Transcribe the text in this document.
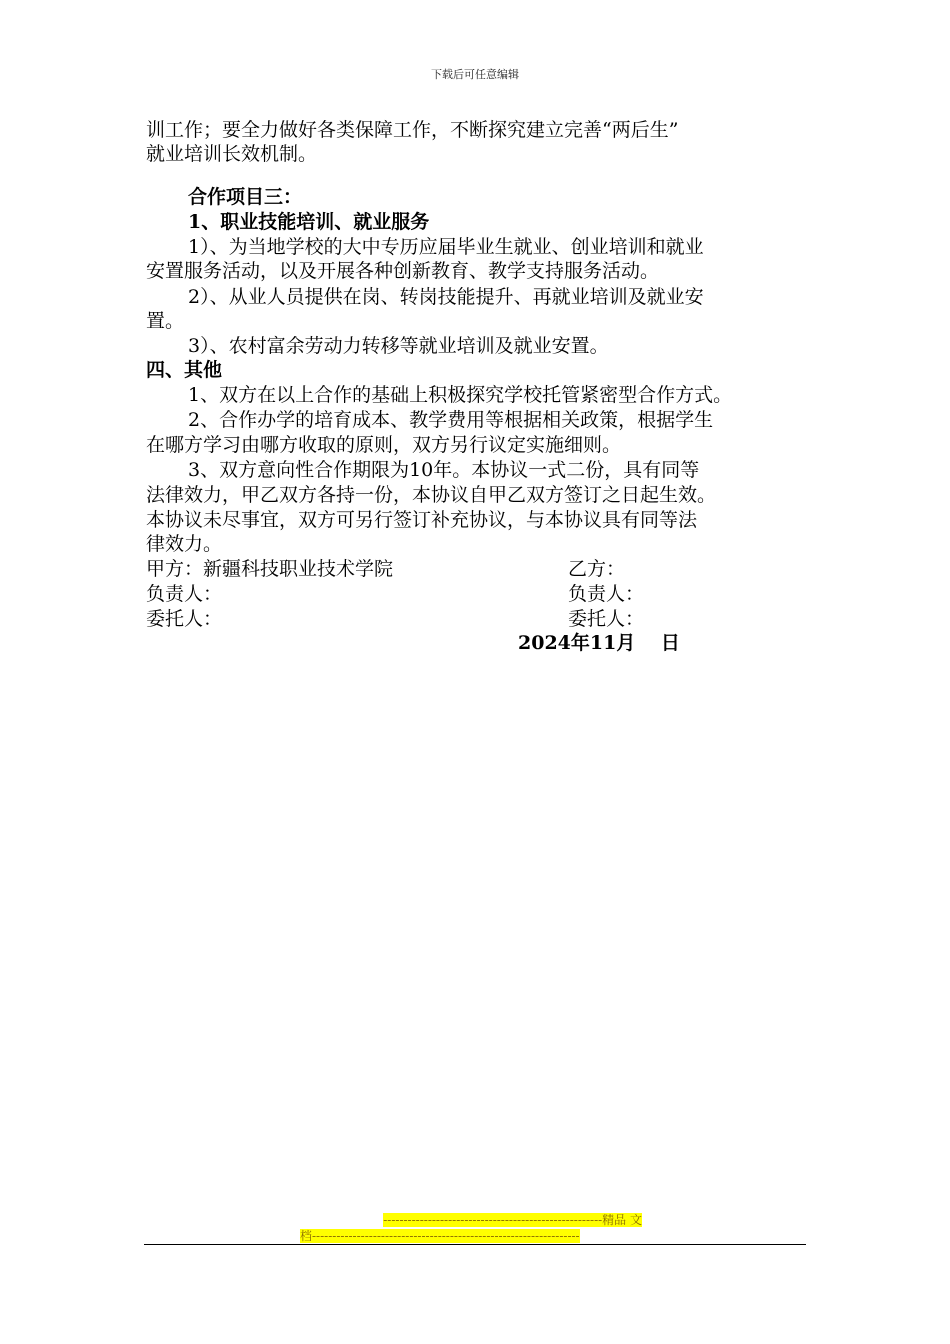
下载后可任意编辑
训工作；要全力做好各类保障工作，不断探究建立完善“两后生”
就业培训长效机制。
合作项目三：
1、职业技能培训、就业服务
1）、为当地学校的大中专历应届毕业生就业、创业培训和就业
安置服务活动，以及开展各种创新教育、教学支持服务活动。
2）、从业人员提供在岗、转岗技能提升、再就业培训及就业安
置。
3）、农村富余劳动力转移等就业培训及就业安置。
四、其他
1、双方在以上合作的基础上积极探究学校托管紧密型合作方式。
2、合作办学的培育成本、教学费用等根据相关政策，根据学生
在哪方学习由哪方收取的原则，双方另行议定实施细则。
3、双方意向性合作期限为10年。本协议一式二份，具有同等
法律效力，甲乙双方各持一份，本协议自甲乙双方签订之日起生效。
本协议未尽事宜，双方可另行签订补充协议，与本协议具有同等法
律效力。
甲方：新疆科技职业技术学院	乙方：
负责人：	负责人：
委托人：	委托人：
2024年11月　 日
------------------------------------------------------精品 文
档------------------------------------------------------------------
